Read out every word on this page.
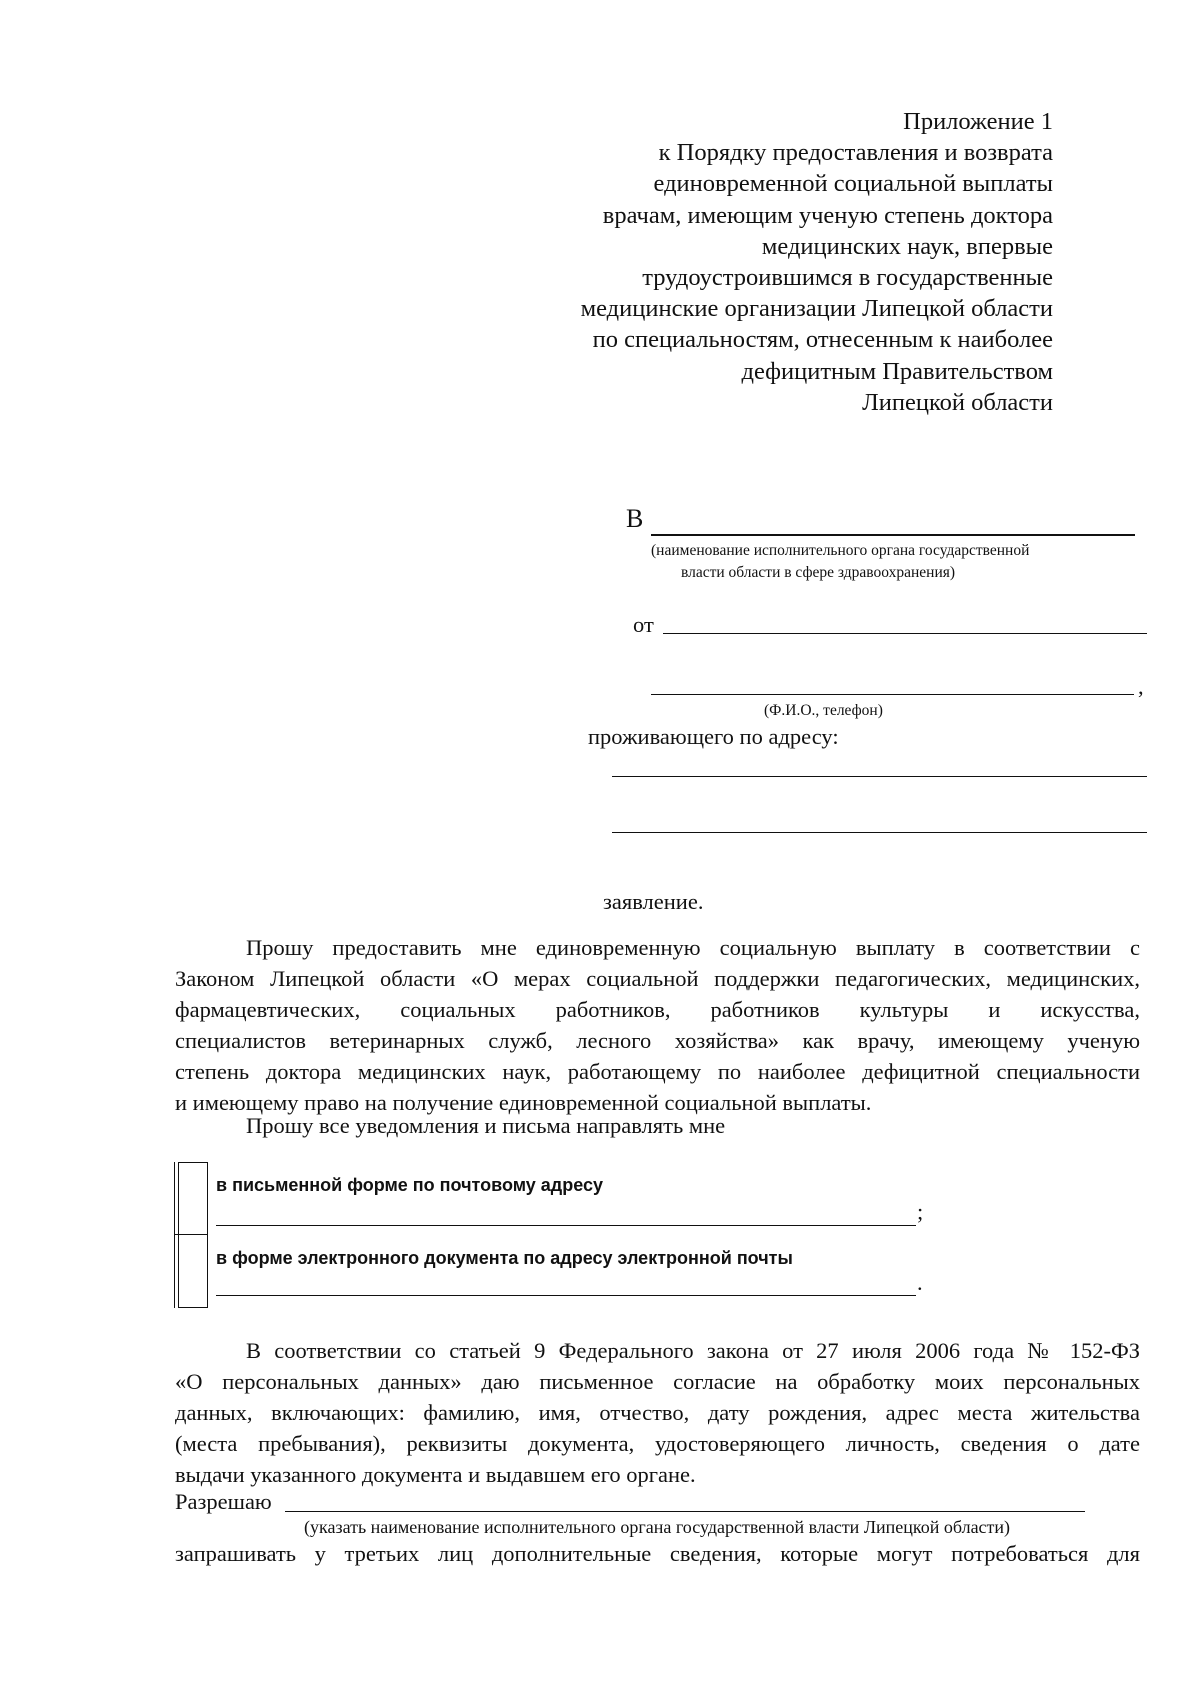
Приложение 1
к Порядку предоставления и возврата
единовременной социальной выплаты
врачам, имеющим ученую степень доктора
медицинских наук, впервые
трудоустроившимся в государственные
медицинские организации Липецкой области
по специальностям, отнесенным к наиболее
дефицитным Правительством
Липецкой области
В
(наименование исполнительного органа государственной
власти области в сфере здравоохранения)
от
,
(Ф.И.О., телефон)
проживающего по адресу:
заявление.
Прошу предоставить мне единовременную социальную выплату в соответствии с
Законом Липецкой области «О мерах социальной поддержки педагогических, медицинских,
фармацевтических, социальных работников, работников культуры и искусства,
специалистов ветеринарных служб, лесного хозяйства» как врачу, имеющему ученую
степень доктора медицинских наук, работающему по наиболее дефицитной специальности
и имеющему право на получение единовременной социальной выплаты.
Прошу все уведомления и письма направлять мне
в письменной форме по почтовому адресу
;
в форме электронного документа по адресу электронной почты
.
В соответствии со статьей 9 Федерального закона от 27 июля 2006 года № 152-ФЗ
«О персональных данных» даю письменное согласие на обработку моих персональных
данных, включающих: фамилию, имя, отчество, дату рождения, адрес места жительства
(места пребывания), реквизиты документа, удостоверяющего личность, сведения о дате
выдачи указанного документа и выдавшем его органе.
Разрешаю
(указать наименование исполнительного органа государственной власти Липецкой области)
запрашивать у третьих лиц дополнительные сведения, которые могут потребоваться для
